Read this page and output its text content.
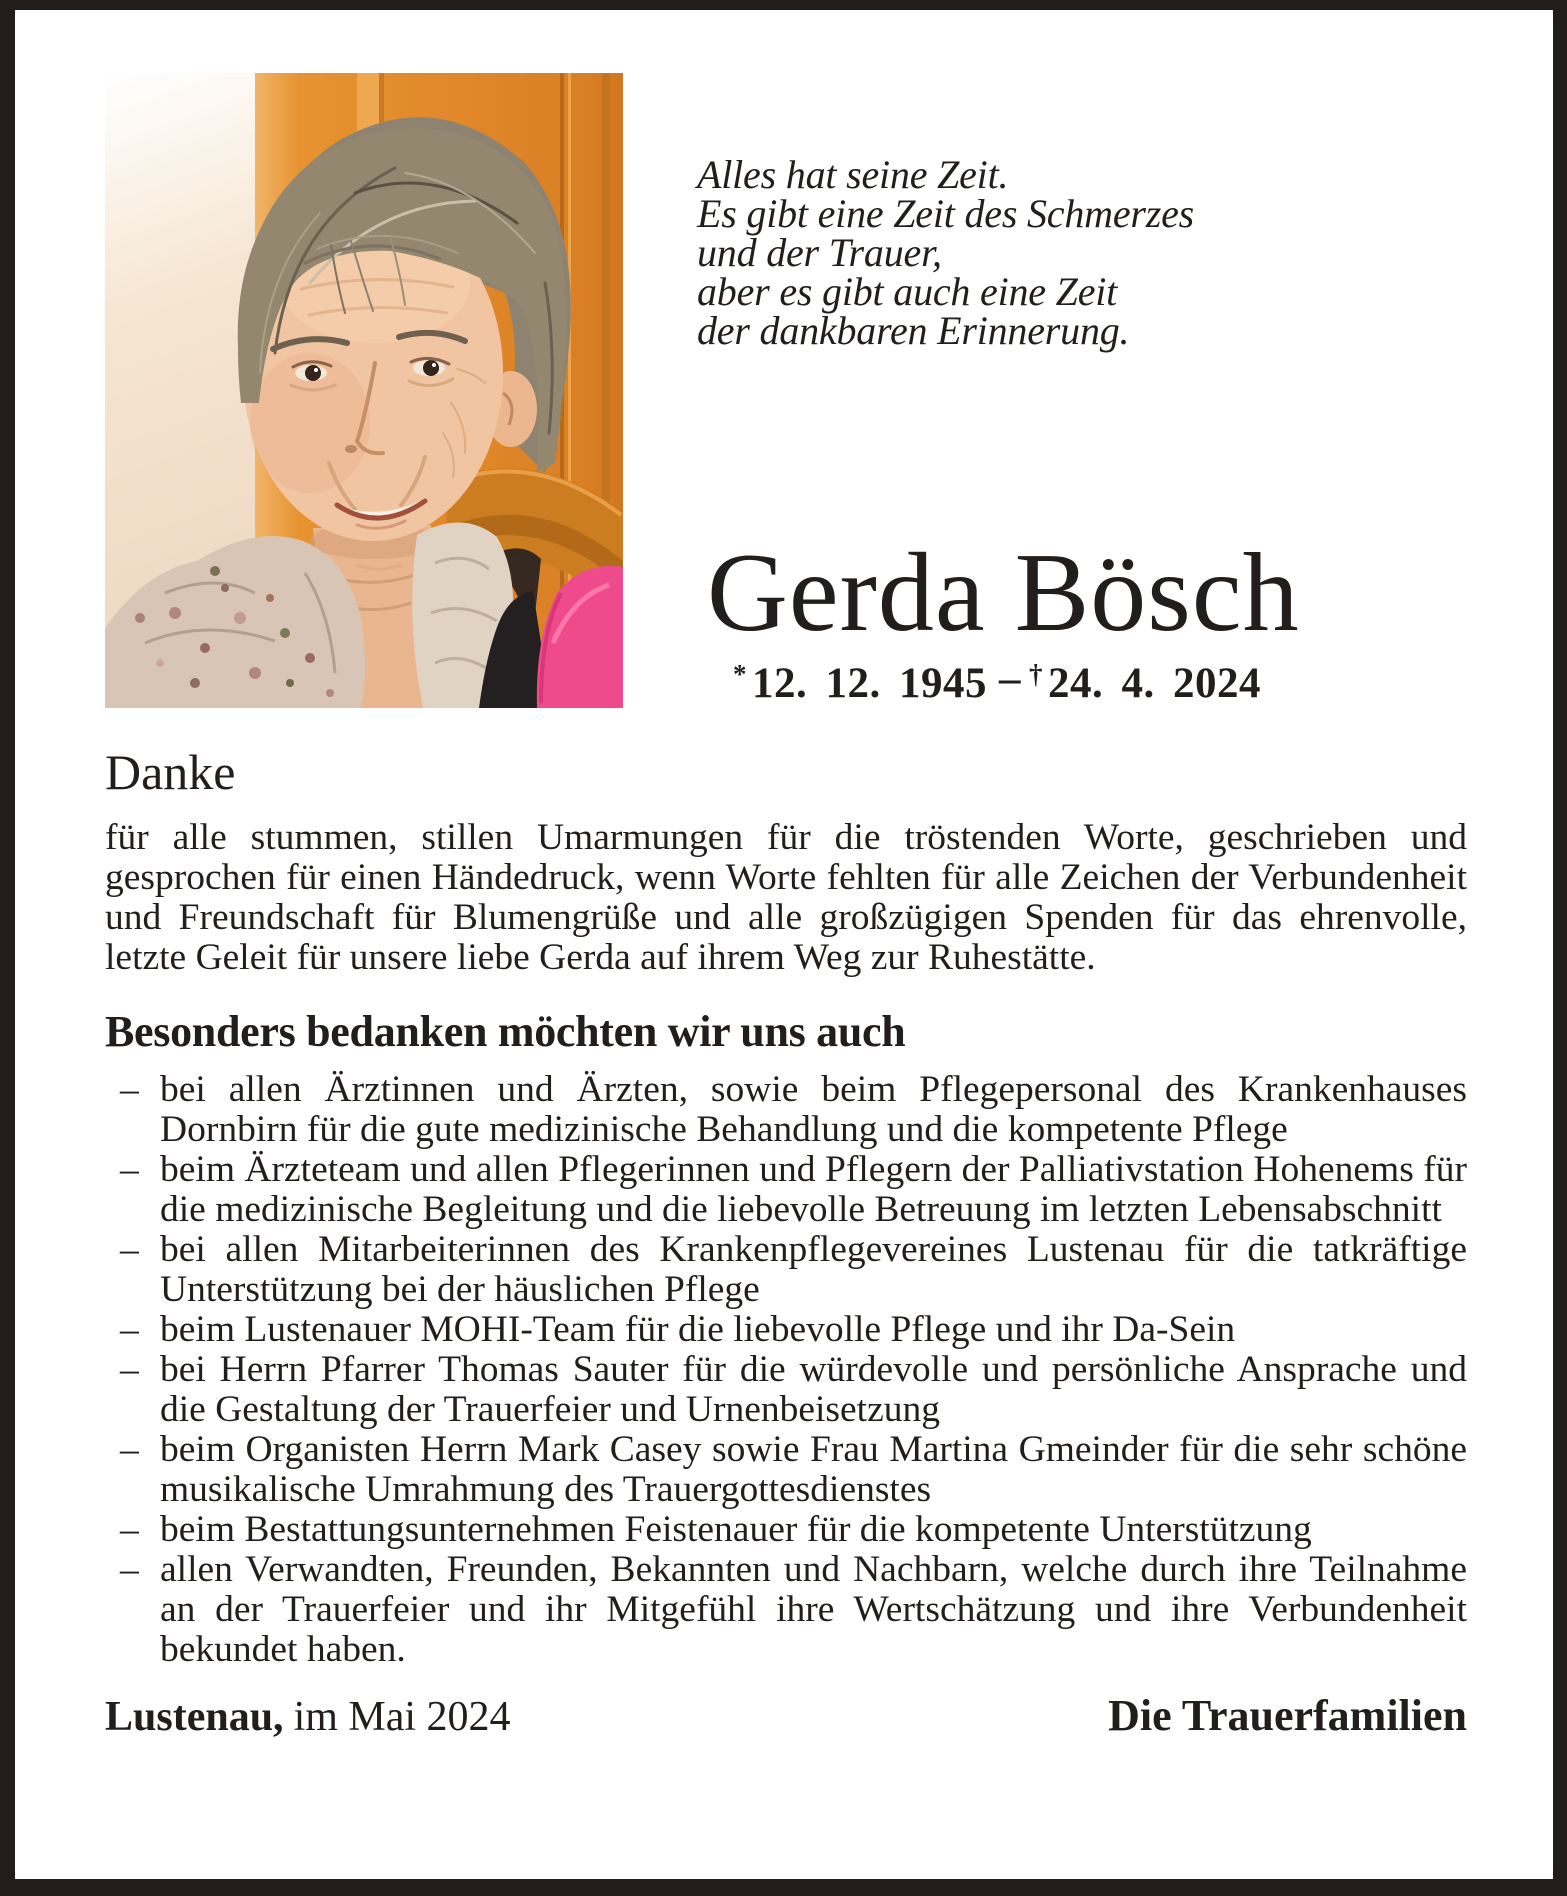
Alles hat seine Zeit.
Es gibt eine Zeit des Schmerzes
und der Trauer,
aber es gibt auch eine Zeit
der dankbaren Erinnerung.
Gerda Bösch
* 12. 12. 1945 – † 24. 4. 2024
Danke

für alle stummen, stillen Umarmungen für die tröstenden Worte, geschrieben und gesprochen für einen Händedruck, wenn Worte fehlten für alle Zeichen der Verbundenheit und Freundschaft für Blumengrüße und alle großzügigen Spenden für das ehrenvolle, letzte Geleit für unsere liebe Gerda auf ihrem Weg zur Ruhestätte.

Besonders bedanken möchten wir uns auch
– bei allen Ärztinnen und Ärzten, sowie beim Pflegepersonal des Krankenhauses Dornbirn für die gute medizinische Behandlung und die kompetente Pflege
– beim Ärzteteam und allen Pflegerinnen und Pflegern der Palliativstation Hohenems für die medizinische Begleitung und die liebevolle Betreuung im letzten Lebensabschnitt
– bei allen Mitarbeiterinnen des Krankenpflegevereines Lustenau für die tatkräftige Unterstützung bei der häuslichen Pflege
– beim Lustenauer MOHI-Team für die liebevolle Pflege und ihr Da-Sein
– bei Herrn Pfarrer Thomas Sauter für die würdevolle und persönliche Ansprache und die Gestaltung der Trauerfeier und Urnenbeisetzung
– beim Organisten Herrn Mark Casey sowie Frau Martina Gmeinder für die sehr schöne musikalische Umrahmung des Trauergottesdienstes
– beim Bestattungsunternehmen Feistenauer für die kompetente Unterstützung
– allen Verwandten, Freunden, Bekannten und Nachbarn, welche durch ihre Teilnahme an der Trauerfeier und ihr Mitgefühl ihre Wertschätzung und ihre Verbundenheit bekundet haben.
Lustenau, im Mai 2024	Die Trauerfamilien
